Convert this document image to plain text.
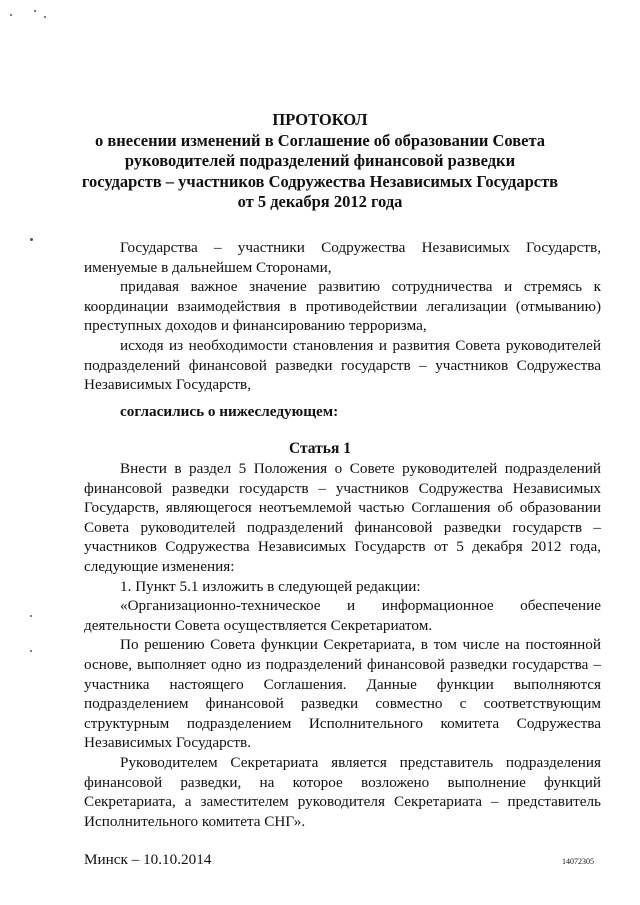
ПРОТОКОЛ
о внесении изменений в Соглашение об образовании Совета
руководителей подразделений финансовой разведки
государств – участников Содружества Независимых Государств
от 5 декабря 2012 года

Государства – участники Содружества Независимых Государств, именуемые в дальнейшем Сторонами,

придавая важное значение развитию сотрудничества и стремясь к координации взаимодействия в противодействии легализации (отмыванию) преступных доходов и финансированию терроризма,

исходя из необходимости становления и развития Совета руководителей подразделений финансовой разведки государств – участников Содружества Независимых Государств,

согласились о нижеследующем:
Статья 1

Внести в раздел 5 Положения о Совете руководителей подразделений финансовой разведки государств – участников Содружества Независимых Государств, являющегося неотъемлемой частью Соглашения об образовании Совета руководителей подразделений финансовой разведки государств – участников Содружества Независимых Государств от 5 декабря 2012 года, следующие изменения:

1. Пункт 5.1 изложить в следующей редакции:

«Организационно-техническое и информационное обеспечение деятельности Совета осуществляется Секретариатом.

По решению Совета функции Секретариата, в том числе на постоянной основе, выполняет одно из подразделений финансовой разведки государства – участника настоящего Соглашения. Данные функции выполняются подразделением финансовой разведки совместно с соответствующим структурным подразделением Исполнительного комитета Содружества Независимых Государств.

Руководителем Секретариата является представитель подразделения финансовой разведки, на которое возложено выполнение функций Секретариата, а заместителем руководителя Секретариата – представитель Исполнительного комитета СНГ».

Минск – 10.10.2014	14072305
